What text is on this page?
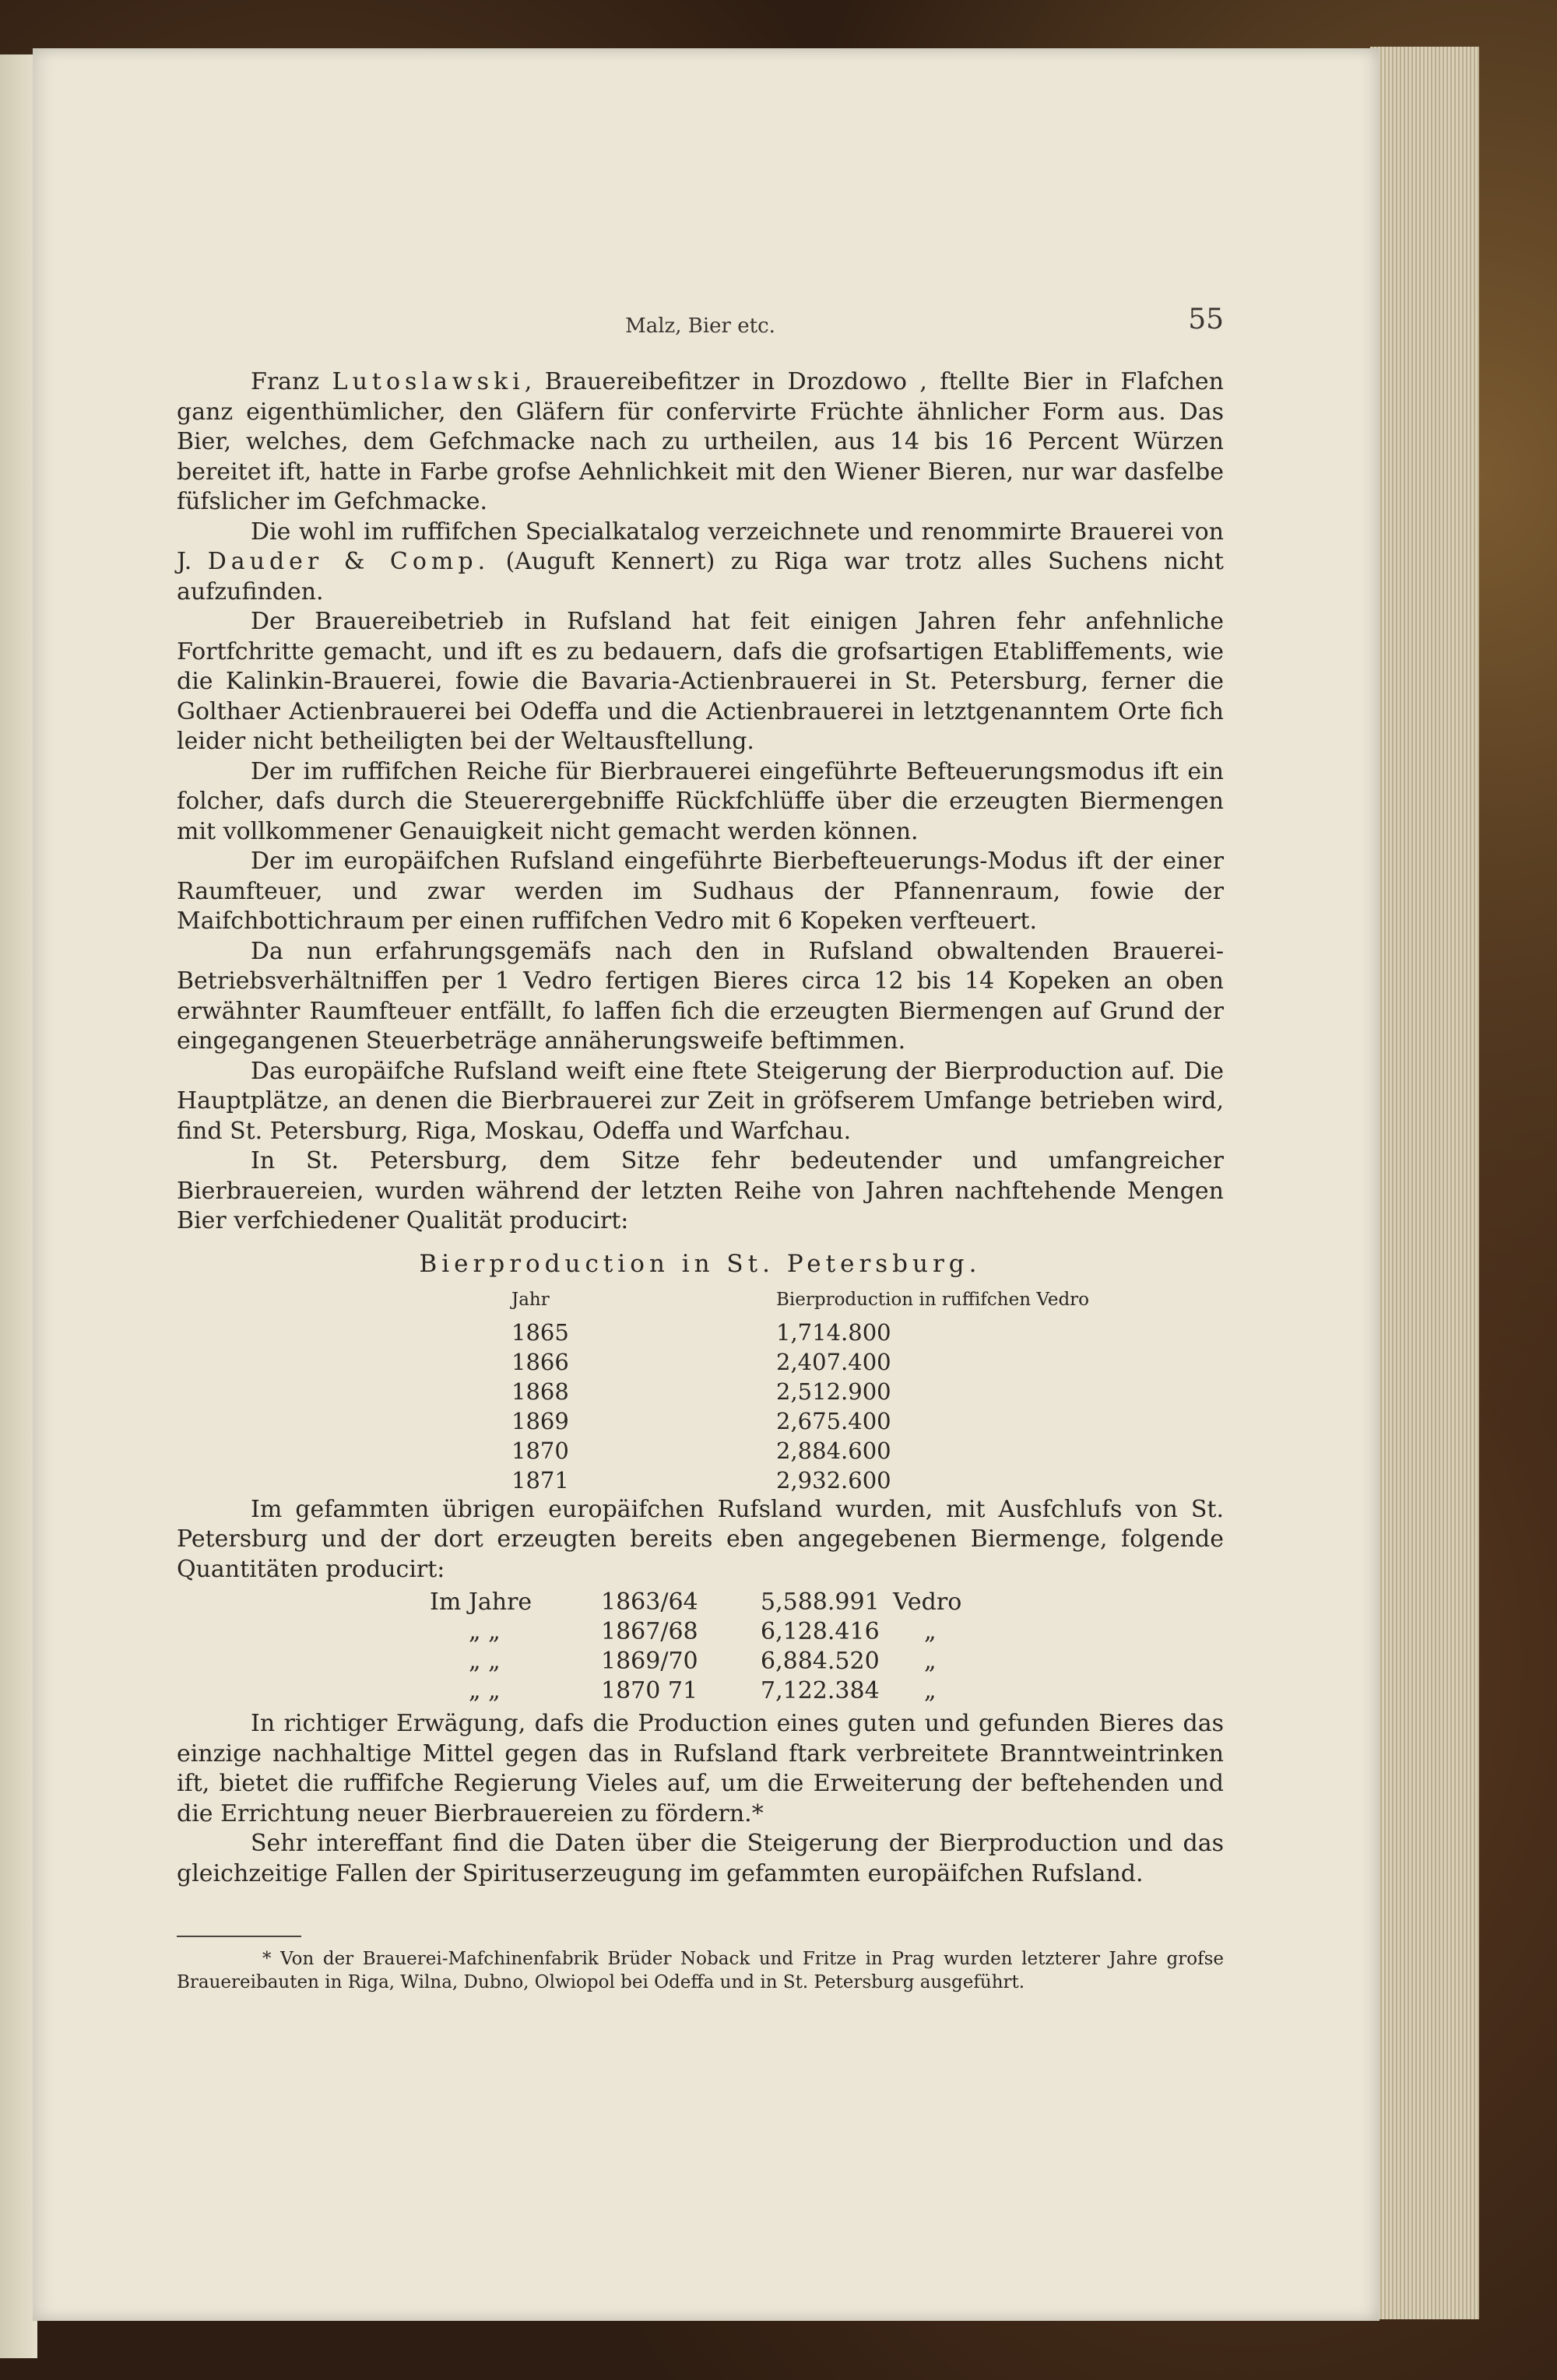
Malz, Bier etc.	55

Franz Lutoslawski, Brauereibefitzer in Drozdowo , ftellte Bier in Flafchen ganz eigenthümlicher, den Gläfern für confervirte Früchte ähnlicher Form aus. Das Bier, welches, dem Gefchmacke nach zu urtheilen, aus 14 bis 16 Percent Würzen bereitet ift, hatte in Farbe grofse Aehnlichkeit mit den Wiener Bieren, nur war dasfelbe füfslicher im Gefchmacke.

Die wohl im ruffifchen Specialkatalog verzeichnete und renommirte Brauerei von J. Dauder & Comp. (Auguft Kennert) zu Riga war trotz alles Suchens nicht aufzufinden.

Der Brauereibetrieb in Rufsland hat feit einigen Jahren fehr anfehnliche Fortfchritte gemacht, und ift es zu bedauern, dafs die grofsartigen Etabliffements, wie die Kalinkin-Brauerei, fowie die Bavaria-Actienbrauerei in St. Petersburg, ferner die Golthaer Actienbrauerei bei Odeffa und die Actienbrauerei in letztgenanntem Orte fich leider nicht betheiligten bei der Weltausftellung.

Der im ruffifchen Reiche für Bierbrauerei eingeführte Befteuerungsmodus ift ein folcher, dafs durch die Steuerergebniffe Rückfchlüffe über die erzeugten Biermengen mit vollkommener Genauigkeit nicht gemacht werden können.

Der im europäifchen Rufsland eingeführte Bierbefteuerungs-Modus ift der einer Raumfteuer, und zwar werden im Sudhaus der Pfannenraum, fowie der Maifchbottichraum per einen ruffifchen Vedro mit 6 Kopeken verfteuert.

Da nun erfahrungsgemäfs nach den in Rufsland obwaltenden Brauerei-Betriebsverhältniffen per 1 Vedro fertigen Bieres circa 12 bis 14 Kopeken an oben erwähnter Raumfteuer entfällt, fo laffen fich die erzeugten Biermengen auf Grund der eingegangenen Steuerbeträge annäherungsweife beftimmen.

Das europäifche Rufsland weift eine ftete Steigerung der Bierproduction auf. Die Hauptplätze, an denen die Bierbrauerei zur Zeit in gröfserem Umfange betrieben wird, find St. Petersburg, Riga, Moskau, Odeffa und Warfchau.

In St. Petersburg, dem Sitze fehr bedeutender und umfangreicher Bierbrauereien, wurden während der letzten Reihe von Jahren nachftehende Mengen Bier verfchiedener Qualität producirt:

Bierproduction in St. Petersburg.
Jahr	Bierproduction in ruffifchen Vedro
1865	1,714.800
1866	2,407.400
1868	2,512.900
1869	2,675.400
1870	2,884.600
1871	2,932.600

Im gefammten übrigen europäifchen Rufsland wurden, mit Ausfchlufs von St. Petersburg und der dort erzeugten bereits eben angegebenen Biermenge, folgende Quantitäten producirt:

Im Jahre	1863/64	5,588.991	Vedro
„ „	1867/68	6,128.416	„
„ „	1869/70	6,884.520	„
„ „	1870 71	7,122.384	„

In richtiger Erwägung, dafs die Production eines guten und gefunden Bieres das einzige nachhaltige Mittel gegen das in Rufsland ftark verbreitete Branntweintrinken ift, bietet die ruffifche Regierung Vieles auf, um die Erweiterung der beftehenden und die Errichtung neuer Bierbrauereien zu fördern.*

Sehr intereffant find die Daten über die Steigerung der Bierproduction und das gleichzeitige Fallen der Spirituserzeugung im gefammten europäifchen Rufsland.

* Von der Brauerei-Mafchinenfabrik Brüder Noback und Fritze in Prag wurden letzterer Jahre grofse Brauereibauten in Riga, Wilna, Dubno, Olwiopol bei Odeffa und in St. Petersburg ausgeführt.
